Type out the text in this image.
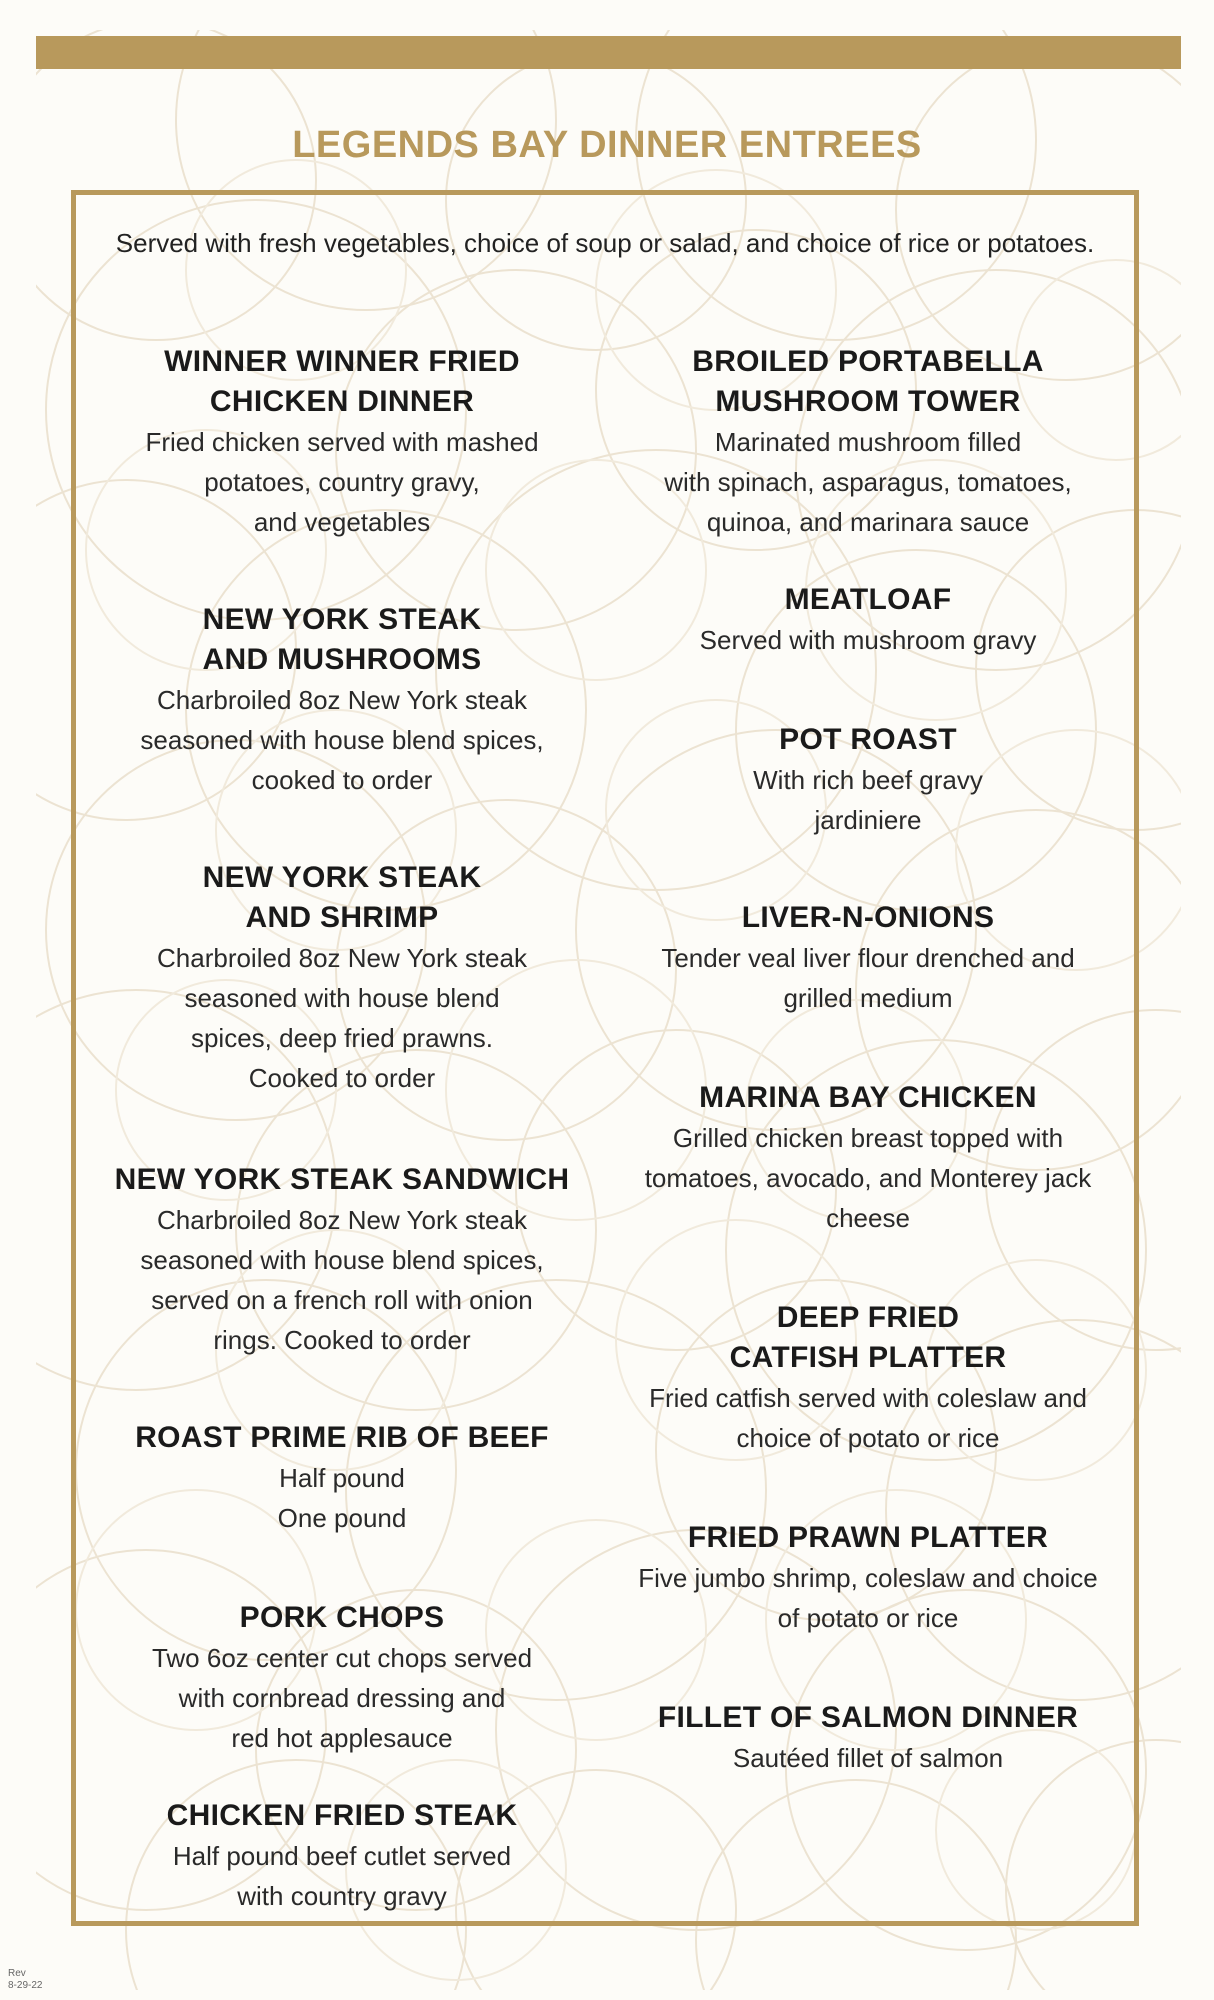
LEGENDS BAY DINNER ENTREES
Served with fresh vegetables, choice of soup or salad, and choice of rice or potatoes.
WINNER WINNER FRIED
CHICKEN DINNER
Fried chicken served with mashed
potatoes, country gravy,
and vegetables
NEW YORK STEAK
AND MUSHROOMS
Charbroiled 8oz New York steak
seasoned with house blend spices,
cooked to order
NEW YORK STEAK
AND SHRIMP
Charbroiled 8oz New York steak
seasoned with house blend
spices, deep fried prawns.
Cooked to order
NEW YORK STEAK SANDWICH
Charbroiled 8oz New York steak
seasoned with house blend spices,
served on a french roll with onion
rings. Cooked to order
ROAST PRIME RIB OF BEEF
Half pound
One pound
PORK CHOPS
Two 6oz center cut chops served
with cornbread dressing and
red hot applesauce
CHICKEN FRIED STEAK
Half pound beef cutlet served
with country gravy
BROILED PORTABELLA
MUSHROOM TOWER
Marinated mushroom filled
with spinach, asparagus, tomatoes,
quinoa, and marinara sauce
MEATLOAF
Served with mushroom gravy
POT ROAST
With rich beef gravy
jardiniere
LIVER-N-ONIONS
Tender veal liver flour drenched and
grilled medium
MARINA BAY CHICKEN
Grilled chicken breast topped with
tomatoes, avocado, and Monterey jack
cheese
DEEP FRIED
CATFISH PLATTER
Fried catfish served with coleslaw and
choice of potato or rice
FRIED PRAWN PLATTER
Five jumbo shrimp, coleslaw and choice
of potato or rice
FILLET OF SALMON DINNER
Sautéed fillet of salmon
Rev
8-29-22
